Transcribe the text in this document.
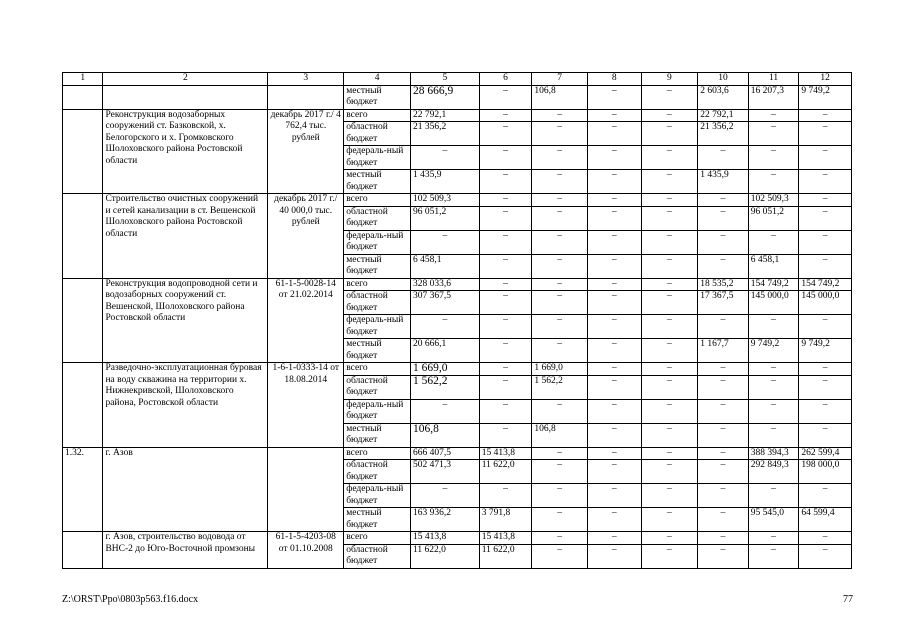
1	2	3	4	5	6	7	8	9	10	11	12
			местный бюджет	28 666,9	–	106,8	–	–	2 603,6	16 207,3	9 749,2
	Реконструкция водозаборных сооружений ст. Базковской, х. Белогорского и х. Громковского Шолоховского района Ростовской области	декабрь 2017 г./ 4 762,4 тыс. рублей	всего	22 792,1	–	–	–	–	22 792,1	–	–
			областной бюджет	21 356,2	–	–	–	–	21 356,2	–	–
			федераль-ный бюджет	–	–	–	–	–	–	–	–
			местный бюджет	1 435,9	–	–	–	–	1 435,9	–	–
	Строительство очистных сооружений и сетей канализации в ст. Вешенской Шолоховского района Ростовской области	декабрь 2017 г./ 40 000,0 тыс. рублей	всего	102 509,3	–	–	–	–	–	102 509,3	–
			областной бюджет	96 051,2	–	–	–	–	–	96 051,2	–
			федераль-ный бюджет	–	–	–	–	–	–	–	–
			местный бюджет	6 458,1	–	–	–	–	–	6 458,1	–
	Реконструкция водопроводной сети и водозаборных сооружений ст. Вешенской, Шолоховского района Ростовской области	61-1-5-0028-14 от 21.02.2014	всего	328 033,6	–	–	–	–	18 535,2	154 749,2	154 749,2
			областной бюджет	307 367,5	–	–	–	–	17 367,5	145 000,0	145 000,0
			федераль-ный бюджет	–	–	–	–	–	–	–	–
			местный бюджет	20 666,1	–	–	–	–	1 167,7	9 749,2	9 749,2
	Разведочно-эксплуатационная буровая на воду скважина на территории х. Нижнекривской, Шолоховского района, Ростовской области	1-6-1-0333-14 от 18.08.2014	всего	1 669,0	–	1 669,0	–	–	–	–	–
			областной бюджет	1 562,2	–	1 562,2	–	–	–	–	–
			федераль-ный бюджет	–	–	–	–	–	–	–	–
			местный бюджет	106,8	–	106,8	–	–	–	–	–
1.32.	г. Азов		всего	666 407,5	15 413,8	–	–	–	–	388 394,3	262 599,4
			областной бюджет	502 471,3	11 622,0	–	–	–	–	292 849,3	198 000,0
			федераль-ный бюджет	–	–	–	–	–	–	–	–
			местный бюджет	163 936,2	3 791,8	–	–	–	–	95 545,0	64 599,4
	г. Азов, строительство водовода от ВНС-2 до Юго-Восточной промзоны	61-1-5-4203-08 от 01.10.2008	всего	15 413,8	15 413,8	–	–	–	–	–	–
			областной бюджет	11 622,0	11 622,0	–	–	–	–	–	–
Z:\ORST\Ppo\0803p563.f16.docx	77
